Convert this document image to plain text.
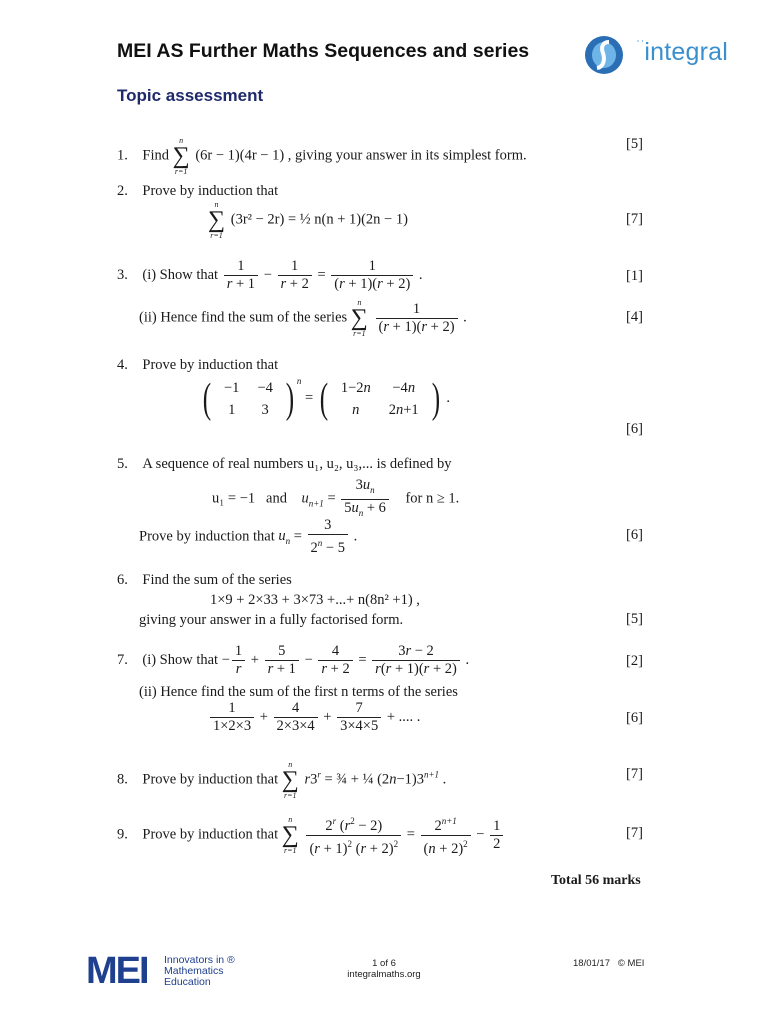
MEI AS Further Maths Sequences and series
Topic assessment
$^{ˈˈ}$integral
1. Find
n
∑
r=1
(6r − 1)(4r − 1) , giving your answer in its simplest form.
[5]
2. Prove by induction that
n
∑
r=1
(3r² − 2r) = ½ n(n + 1)(2n − 1)	[7]
3. (i) Show that $\frac{1}{r + 1} - \frac{1}{r + 2} = \frac{1}{(r + 1)(r + 2)}$ .	[1]
(ii) Hence find the sum of the series
n
∑
r=1
$\frac{1}{(r + 1)(r + 2)}$ .	[4]
4. Prove by induction that
( −1	−4
1	3 ) $^n$ = ( 1−2n	−4n
n	2n+1 ) .
[6]
5. A sequence of real numbers u₁, u₂, u₃,... is defined by
u₁ = −1 and $u_{n+1} = \frac{3u_n}{5u_n + 6}$ for n ≥ 1.
Prove by induction that $u_n = \frac{3}{2^n - 5}$ .	[6]
6. Find the sum of the series
1×9 + 2×33 + 3×73 +...+ n(8n² +1) ,
giving your answer in a fully factorised form.	[5]
7. (i) Show that − $\frac{1}{r} + \frac{5}{r + 1} - \frac{4}{r + 2} = \frac{3r - 2}{r(r + 1)(r + 2)}$ .	[2]
(ii) Hence find the sum of the first n terms of the series
$\frac{1}{1\times 2\times 3} + \frac{4}{2\times 3\times 4} + \frac{7}{3\times 4\times 5}$ + .... .	[6]
8. Prove by induction that
n
∑
r=1
$r3^r$ = ¾ + ¼ $(2n-1)3^{n+1}$ .	[7]
9. Prove by induction that
n
∑
r=1
$\frac{2^r (r^2 - 2)}{(r + 1)^2 (r + 2)^2} = \frac{2^{n+1}}{(n + 2)^2} - \frac{1}{2}$	[7]
Total 56 marks
MEI Innovators in ®
Mathematics
Education
1 of 6
integralmaths.org
18/01/17 © MEI
